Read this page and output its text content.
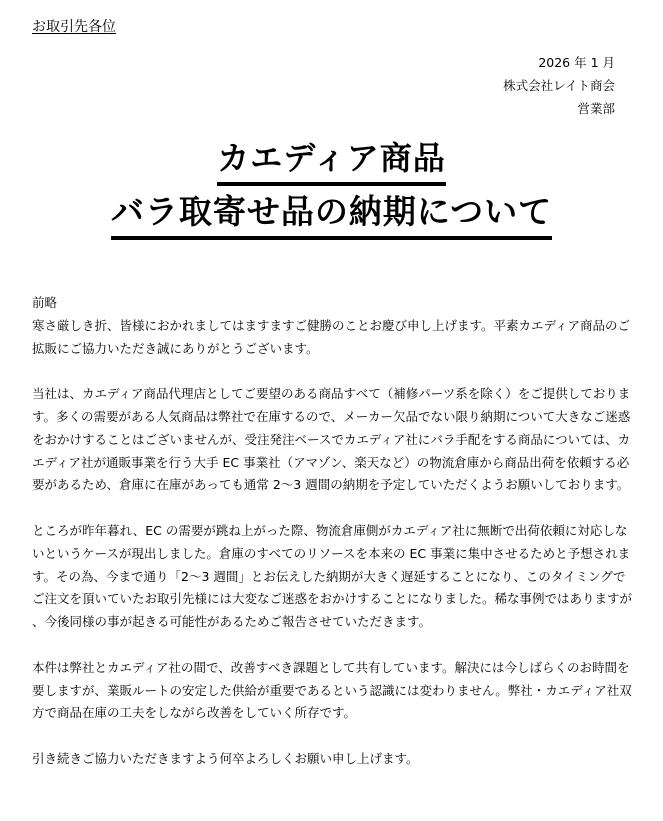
お取引先各位
2026 年 1 月
株式会社レイト商会
営業部
カエディア商品
バラ取寄せ品の納期について

前略

寒さ厳しき折、皆様におかれましてはますますご健勝のことお慶び申し上げます。平素カエディア商品のご拡販にご協力いただき誠にありがとうございます。

当社は、カエディア商品代理店としてご要望のある商品すべて（補修パーツ系を除く）をご提供しております。多くの需要がある人気商品は弊社で在庫するので、メーカー欠品でない限り納期について大きなご迷惑をおかけすることはございませんが、受注発注ベースでカエディア社にバラ手配をする商品については、カエディア社が通販事業を行う大手 EC 事業社（アマゾン、楽天など）の物流倉庫から商品出荷を依頼する必要があるため、倉庫に在庫があっても通常 2～3 週間の納期を予定していただくようお願いしております。

ところが昨年暮れ、EC の需要が跳ね上がった際、物流倉庫側がカエディア社に無断で出荷依頼に対応しないというケースが現出しました。倉庫のすべてのリソースを本来の EC 事業に集中させるためと予想されます。その為、今まで通り「2～3 週間」とお伝えした納期が大きく遅延することになり、このタイミングでご注文を頂いていたお取引先様には大変なご迷惑をおかけすることになりました。稀な事例ではありますが、今後同様の事が起きる可能性があるためご報告させていただきます。

本件は弊社とカエディア社の間で、改善すべき課題として共有しています。解決には今しばらくのお時間を要しますが、業販ルートの安定した供給が重要であるという認識には変わりません。弊社・カエディア社双方で商品在庫の工夫をしながら改善をしていく所存です。

引き続きご協力いただきますよう何卒よろしくお願い申し上げます。
